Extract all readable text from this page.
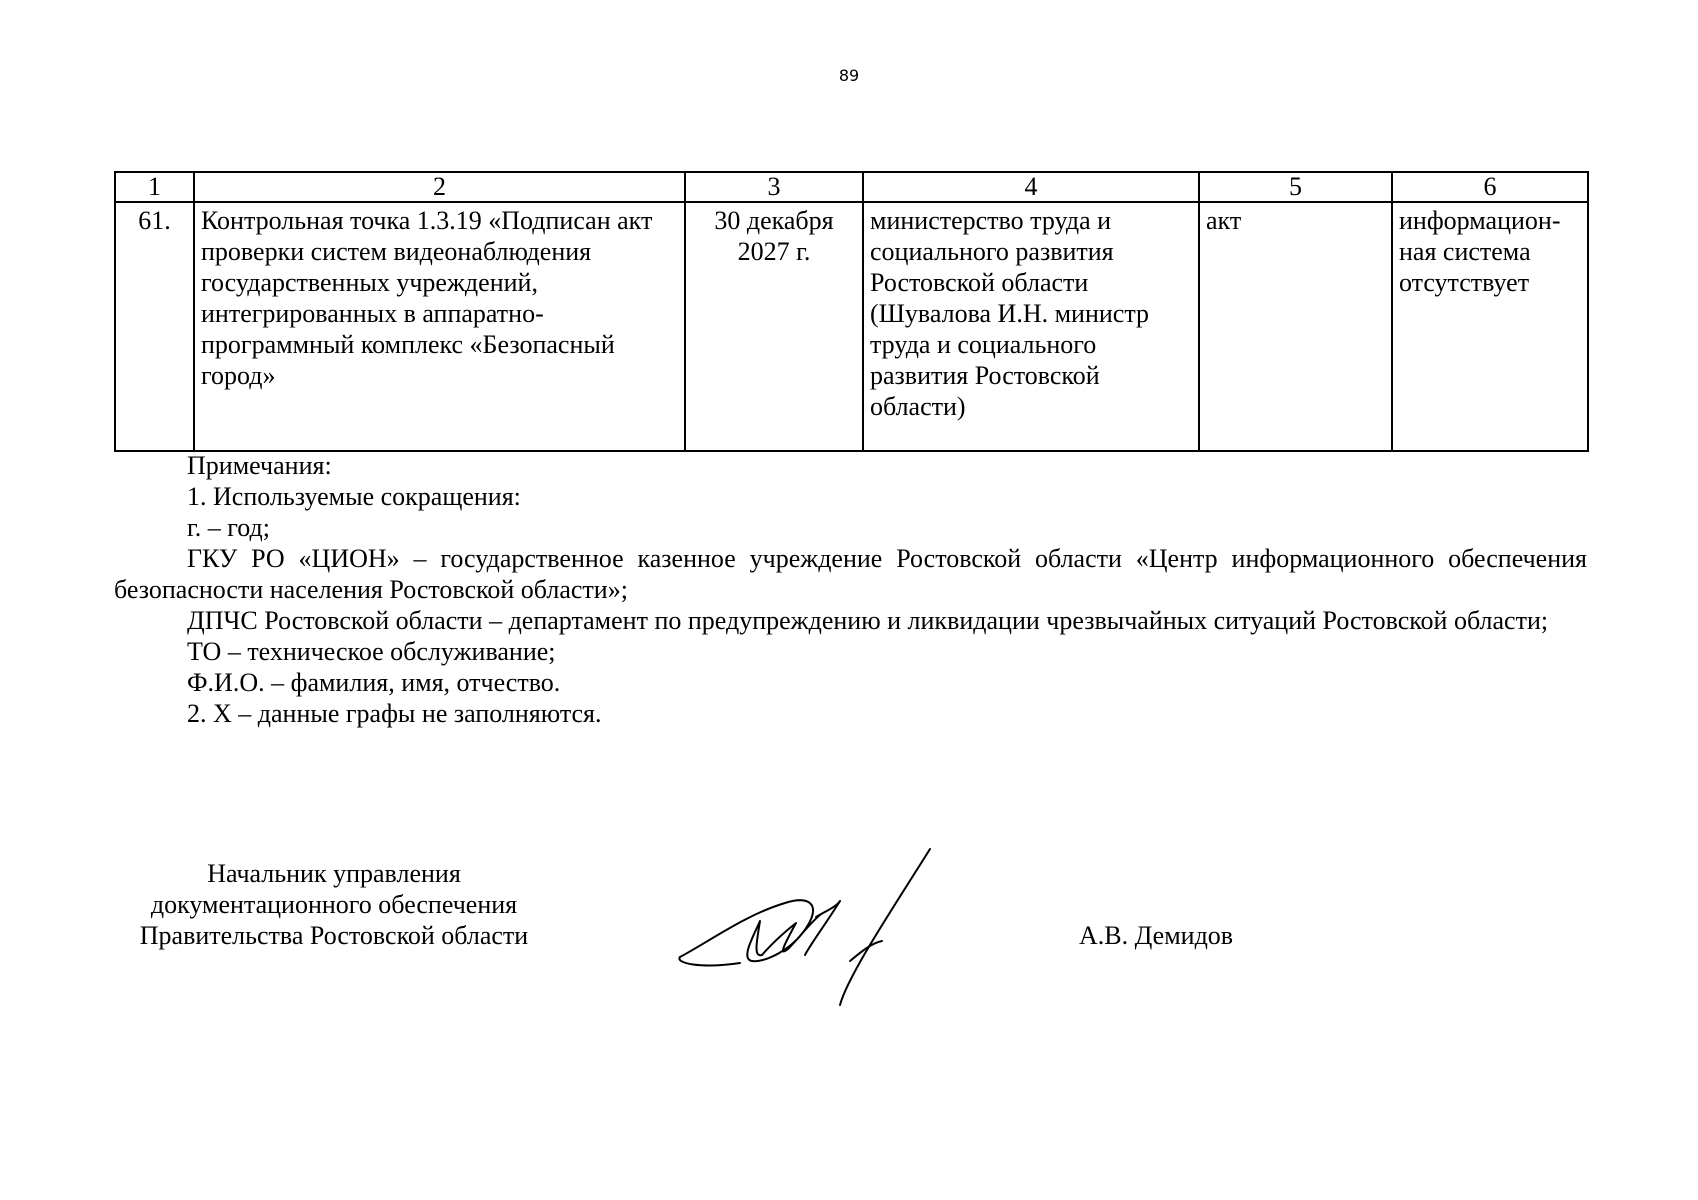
89
1	2	3	4	5	6
61.	Контрольная точка 1.3.19 «Подписан акт проверки систем видеонаблюдения государственных учреждений, интегрированных в аппаратно-программный комплекс «Безопасный город»	30 декабря 2027 г.	министерство труда и социального развития Ростовской области (Шувалова И.Н. министр труда и социального развития Ростовской области)	акт	информацион-ная система отсутствует

Примечания:

1. Используемые сокращения:

г. – год;

ГКУ РО «ЦИОН» – государственное казенное учреждение Ростовской области «Центр информационного обеспечения безопасности населения Ростовской области»;

ДПЧС Ростовской области – департамент по предупреждению и ликвидации чрезвычайных ситуаций Ростовской области;

ТО – техническое обслуживание;

Ф.И.О. – фамилия, имя, отчество.

2. Х – данные графы не заполняются.

Начальник управления
документационного обеспечения
Правительства Ростовской области	А.В. Демидов
